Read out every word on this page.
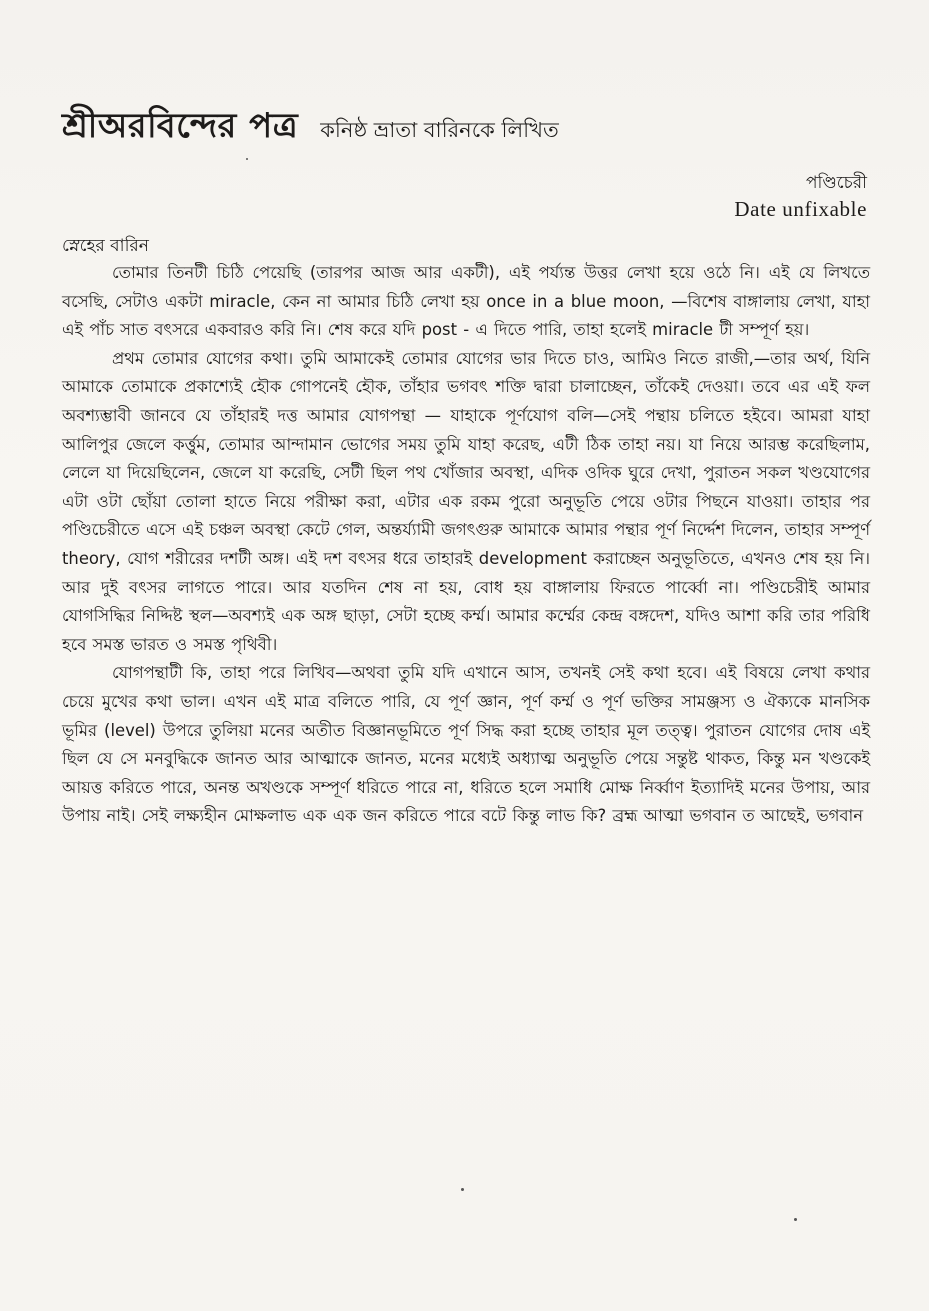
শ্রীঅরবিন্দের পত্র কনিষ্ঠ ভ্রাতা বারিনকে লিখিত
পণ্ডিচেরী
Date unfixable
স্নেহের বারিন

তোমার তিনটী চিঠি পেয়েছি (তারপর আজ আর একটী), এই পর্য্যন্ত উত্তর লেখা হয়ে ওঠে নি। এই যে লিখতে বসেছি, সেটাও একটা miracle, কেন না আমার চিঠি লেখা হয় once in a blue moon, —বিশেষ বাঙ্গালায় লেখা, যাহা এই পাঁচ সাত বৎসরে একবারও করি নি। শেষ করে যদি post - এ দিতে পারি, তাহা হলেই miracle টী সম্পূর্ণ হয়।

প্রথম তোমার যোগের কথা। তুমি আমাকেই তোমার যোগের ভার দিতে চাও, আমিও নিতে রাজী,—তার অর্থ, যিনি আমাকে তোমাকে প্রকাশ্যেই হৌক গোপনেই হৌক, তাঁহার ভগবৎ শক্তি দ্বারা চালাচ্ছেন, তাঁকেই দেওয়া। তবে এর এই ফল অবশ্যম্ভাবী জানবে যে তাঁহারই দত্ত আমার যোগপন্থা — যাহাকে পূর্ণযোগ বলি—সেই পন্থায় চলিতে হইবে। আমরা যাহা আলিপুর জেলে কর্ত্তুম, তোমার আন্দামান ভোগের সময় তুমি যাহা করেছ, এটী ঠিক তাহা নয়। যা নিয়ে আরম্ভ করেছিলাম, লেলে যা দিয়েছিলেন, জেলে যা করেছি, সেটী ছিল পথ খোঁজার অবস্থা, এদিক ওদিক ঘুরে দেখা, পুরাতন সকল খণ্ডযোগের এটা ওটা ছোঁয়া তোলা হাতে নিয়ে পরীক্ষা করা, এটার এক রকম পুরো অনুভূতি পেয়ে ওটার পিছনে যাওয়া। তাহার পর পণ্ডিচেরীতে এসে এই চঞ্চল অবস্থা কেটে গেল, অন্তর্য্যামী জগৎগুরু আমাকে আমার পন্থার পূর্ণ নির্দ্দেশ দিলেন, তাহার সম্পূর্ণ theory, যোগ শরীরের দশটী অঙ্গ। এই দশ বৎসর ধরে তাহারই development করাচ্ছেন অনুভূতিতে, এখনও শেষ হয় নি। আর দুই বৎসর লাগতে পারে। আর যতদিন শেষ না হয়, বোধ হয় বাঙ্গালায় ফিরতে পার্ব্বো না। পণ্ডিচেরীই আমার যোগসিদ্ধির নিদ্দিষ্ট স্থল—অবশ্যই এক অঙ্গ ছাড়া, সেটা হচ্ছে কর্ম্ম। আমার কর্ম্মের কেন্দ্র বঙ্গদেশ, যদিও আশা করি তার পরিধি হবে সমস্ত ভারত ও সমস্ত পৃথিবী।

যোগপন্থাটী কি, তাহা পরে লিখিব—অথবা তুমি যদি এখানে আস, তখনই সেই কথা হবে। এই বিষয়ে লেখা কথার চেয়ে মুখের কথা ভাল। এখন এই মাত্র বলিতে পারি, যে পূর্ণ জ্ঞান, পূর্ণ কর্ম্ম ও পূর্ণ ভক্তির সামঞ্জস্য ও ঐক্যকে মানসিক ভূমির (level) উপরে তুলিয়া মনের অতীত বিজ্ঞানভূমিতে পূর্ণ সিদ্ধ করা হচ্ছে তাহার মূল তত্ত্ব। পুরাতন যোগের দোষ এই ছিল যে সে মনবুদ্ধিকে জানত আর আত্মাকে জানত, মনের মধ্যেই অধ্যাত্ম অনুভূতি পেয়ে সন্তুষ্ট থাকত, কিন্তু মন খণ্ডকেই আয়ত্ত করিতে পারে, অনন্ত অখণ্ডকে সম্পূর্ণ ধরিতে পারে না, ধরিতে হলে সমাধি মোক্ষ নির্ব্বাণ ইত্যাদিই মনের উপায়, আর উপায় নাই। সেই লক্ষ্যহীন মোক্ষলাভ এক এক জন করিতে পারে বটে কিন্তু লাভ কি? ব্রহ্ম আত্মা ভগবান ত আছেই, ভগবান
